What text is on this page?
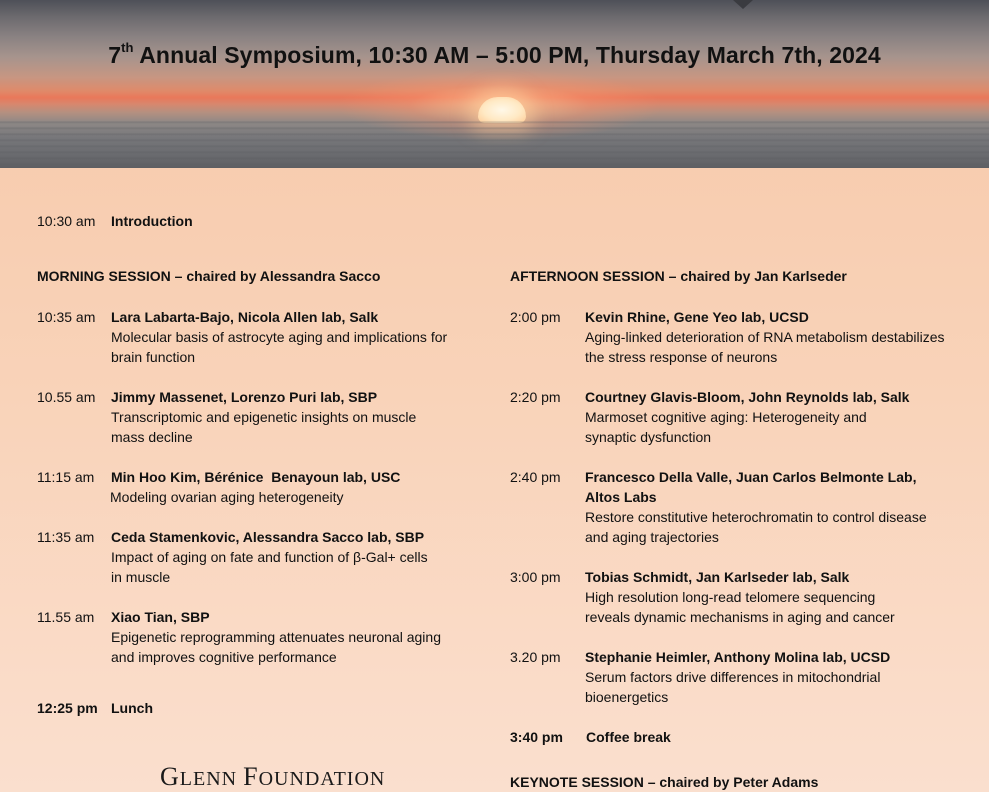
7th Annual Symposium, 10:30 AM – 5:00 PM, Thursday March 7th, 2024
10:30 am Introduction
MORNING SESSION – chaired by Alessandra Sacco
10:35 am Lara Labarta-Bajo, Nicola Allen lab, Salk
Molecular basis of astrocyte aging and implications for
brain function
10.55 am Jimmy Massenet, Lorenzo Puri lab, SBP
Transcriptomic and epigenetic insights on muscle
mass decline
11:15 am Min Hoo Kim, Bérénice  Benayoun lab, USC
Modeling ovarian aging heterogeneity
11:35 am Ceda Stamenkovic, Alessandra Sacco lab, SBP
Impact of aging on fate and function of β-Gal+ cells
in muscle
11.55 am Xiao Tian, SBP
Epigenetic reprogramming attenuates neuronal aging
and improves cognitive performance
12:25 pm Lunch
AFTERNOON SESSION – chaired by Jan Karlseder
2:00 pm Kevin Rhine, Gene Yeo lab, UCSD
Aging-linked deterioration of RNA metabolism destabilizes
the stress response of neurons
2:20 pm Courtney Glavis-Bloom, John Reynolds lab, Salk
Marmoset cognitive aging: Heterogeneity and
synaptic dysfunction
2:40 pm Francesco Della Valle, Juan Carlos Belmonte Lab,
Altos Labs
Restore constitutive heterochromatin to control disease
and aging trajectories
3:00 pm Tobias Schmidt, Jan Karlseder lab, Salk
High resolution long-read telomere sequencing
reveals dynamic mechanisms in aging and cancer
3.20 pm Stephanie Heimler, Anthony Molina lab, UCSD
Serum factors drive differences in mitochondrial
bioenergetics
3:40 pm Coffee break
KEYNOTE SESSION – chaired by Peter Adams
GLENN FOUNDATION
